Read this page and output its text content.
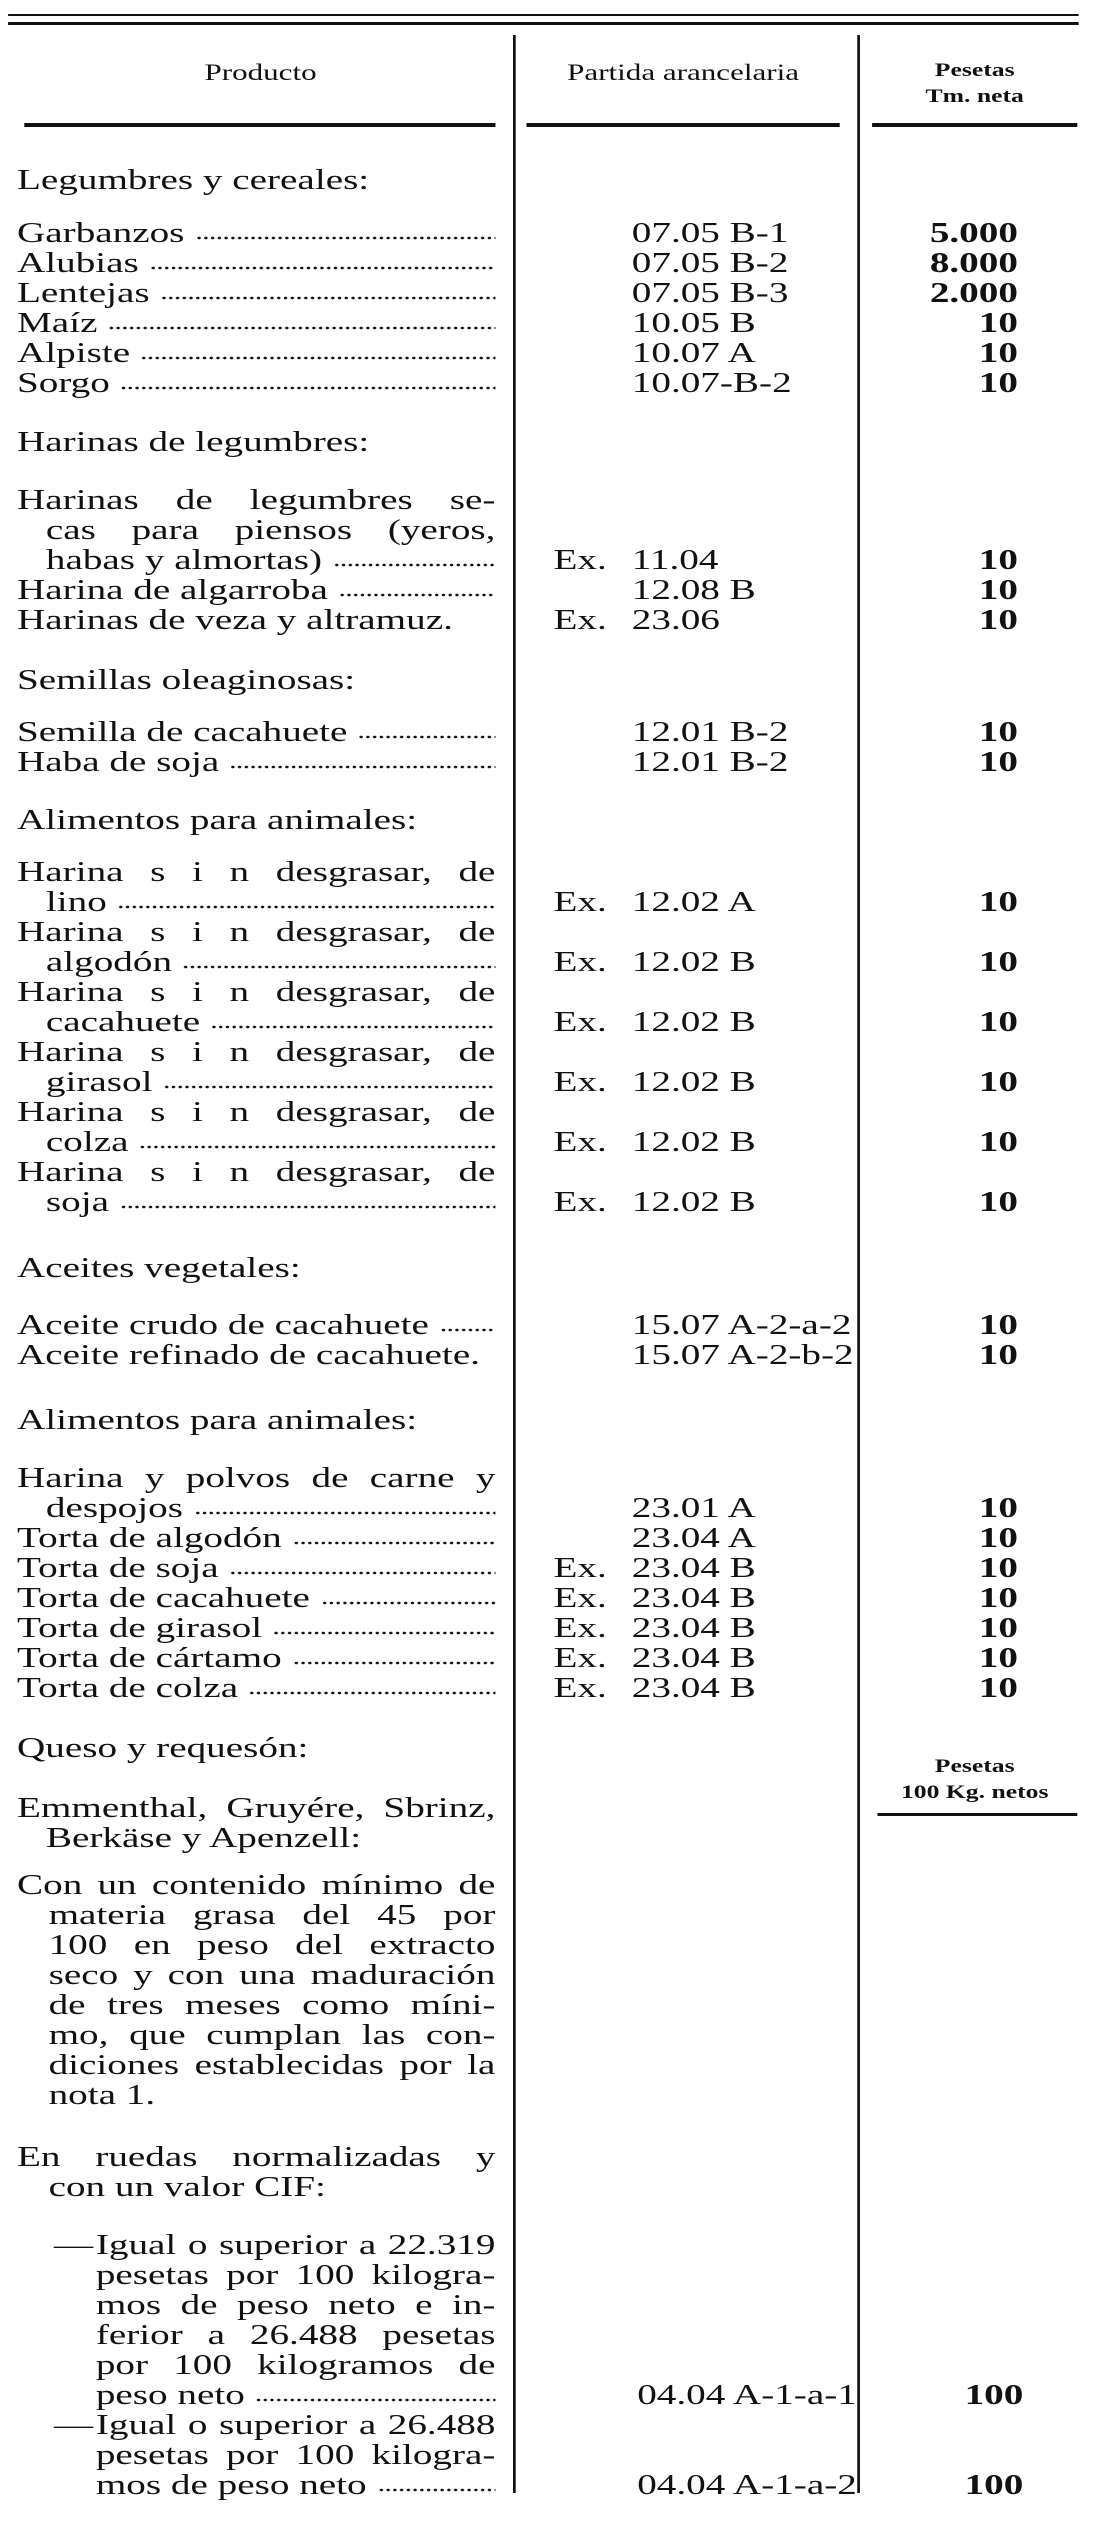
Producto	Partida arancelaria	Pesetas
Tm. neta
Pesetas
100 Kg. netos
Legumbres y cereales:
Garbanzos	07.05 B-1	5.000
Alubias	07.05 B-2	8.000
Lentejas	07.05 B-3	2.000
Maíz	10.05 B	10
Alpiste	10.07 A	10
Sorgo	10.07-B-2	10
Harinas de legumbres:
Harinas de legumbres se-
cas para piensos (yeros,
habas y almortas)	Ex. 11.04	10
Harina de algarroba	12.08 B	10
Harinas de veza y altramuz.	Ex. 23.06	10
Semillas oleaginosas:
Semilla de cacahuete	12.01 B-2	10
Haba de soja	12.01 B-2	10
Alimentos para animales:
Harina s i n desgrasar, de
lino	Ex. 12.02 A	10
Harina s i n desgrasar, de
algodón	Ex. 12.02 B	10
Harina s i n desgrasar, de
cacahuete	Ex. 12.02 B	10
Harina s i n desgrasar, de
girasol	Ex. 12.02 B	10
Harina s i n desgrasar, de
colza	Ex. 12.02 B	10
Harina s i n desgrasar, de
soja	Ex. 12.02 B	10
Aceites vegetales:
Aceite crudo de cacahuete	15.07 A-2-a-2	10
Aceite refinado de cacahuete.	15.07 A-2-b-2	10
Alimentos para animales:
Harina y polvos de carne y
despojos	23.01 A	10
Torta de algodón	23.04 A	10
Torta de soja	Ex. 23.04 B	10
Torta de cacahuete	Ex. 23.04 B	10
Torta de girasol	Ex. 23.04 B	10
Torta de cártamo	Ex. 23.04 B	10
Torta de colza	Ex. 23.04 B	10
Queso y requesón:
Emmenthal, Gruyére, Sbrinz,
Berkäse y Apenzell:
Con un contenido mínimo de
materia grasa del 45 por
100 en peso del extracto
seco y con una maduración
de tres meses como míni-
mo, que cumplan las con-
diciones establecidas por la
nota 1.
En ruedas normalizadas y
con un valor CIF:
— Igual o superior a 22.319
pesetas por 100 kilogra-
mos de peso neto e in-
ferior a 26.488 pesetas
por 100 kilogramos de
peso neto	04.04 A-1-a-1	100
— Igual o superior a 26.488
pesetas por 100 kilogra-
mos de peso neto	04.04 A-1-a-2	100
